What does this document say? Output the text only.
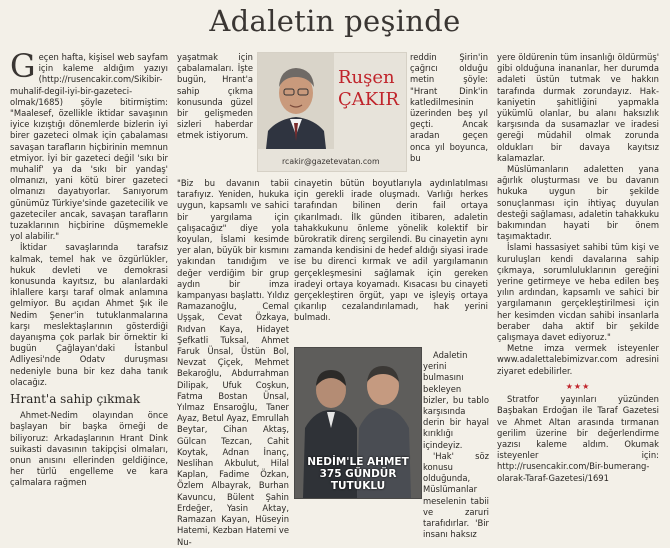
Adaletin peşinde

Geçen hafta, kişisel web sayfam için kaleme aldığım yazıyı (http://rusencakir.com/Sikibir-muhalif-degil-iyi-bir-gazeteci-olmak/1685) şöyle bitirmiştim: "Maalesef, özellikle iktidar savaşının iyice kızıştığı dönemlerde bizlerin iyi birer gazeteci olmak için çabalaması savaşan tarafların hiçbirinin memnun etmiyor. İyi bir gazeteci değil 'sıkı bir muhalif' ya da 'sıkı bir yandaş' olmanızı, yani kötü birer gazeteci olmanızı dayatıyorlar. Sanıyorum günümüz Türkiye'sinde gazetecilik ve gazeteciler ancak, savaşan tarafların tuzaklarının hiçbirine düşmemekle yol alabilir."

İktidar savaşlarında tarafsız kalmak, temel hak ve özgürlükler, hukuk devleti ve demokrasi konusunda kayıtsız, bu alanlardaki ihlallere karşı taraf olmak anlamına gelmiyor. Bu açıdan Ahmet Şık ile Nedim Şener'in tutuklanmalarına karşı meslektaşlarının gösterdiği dayanışma çok parlak bir örnektir ki bugün Çağlayan'daki İstanbul Adliyesi'nde Odatv duruşması nedeniyle buna bir kez daha tanık olacağız.

Hrant'a sahip çıkmak

Ahmet-Nedim olayından önce başlayan bir başka örneği de biliyoruz: Arkadaşlarının Hrant Dink suikasti davasının takipçisi olmaları, onun anısını ellerinden geldiğince, her türlü engelleme ve kara çalmalara rağmen

yaşatmak için çabalamaları. İşte bugün, Hrant'a sahip çıkma konusunda güzel bir gelişmeden sizleri haberdar etmek istiyorum.

Ruşen
ÇAKIR
rcakir@gazetevatan.com

reddin Şirin'in çağrıcı olduğu metin şöyle: "Hrant Dink'in katledilmesinin üzerinden beş yıl geçti. Ancak aradan geçen onca yıl boyunca, bu

"Biz bu davanın tabii tarafıyız. Yeniden, hukuka uygun, kapsamlı ve sahici bir yargılama için çalışacağız" diye yola koyulan, İslami kesimde yer alan, büyük bir kısmını yakından tanıdığım ve değer verdiğim bir grup aydın bir imza kampanyası başlattı. Yıldız Ramazanoğlu, Cemal Uşşak, Cevat Özkaya, Rıdvan Kaya, Hidayet Şefkatli Tuksal, Ahmet Faruk Ünsal, Üstün Bol, Nevzat Çiçek, Mehmet Bekaroğlu, Abdurrahman Dilipak, Ufuk Coşkun, Fatma Bostan Ünsal, Yılmaz Ensaroğlu, Taner Ayaz, Betul Ayaz, Emrullah Beytar, Cihan Aktaş, Gülcan Tezcan, Cahit Koytak, Adnan İnanç, Neslihan Akbulut, Hilal Kaplan, Fadime Özkan, Özlem Albayrak, Burhan Kavuncu, Bülent Şahin Erdeğer, Yasin Aktay, Ramazan Kayan, Hüseyin Hatemi, Kezban Hatemi ve Nu-

cinayetin bütün boyutlarıyla aydınlatılması için gerekli irade oluşmadı. Varlığı herkes tarafından bilinen derin fail ortaya çıkarılmadı. İlk günden itibaren, adaletin tahakkukunu önleme yönelik kolektif bir bürokratik direnç sergilendi. Bu cinayetin aynı zamanda kendisini de hedef aldığı siyasi irade ise bu direnci kırmak ve adil yargılamanın gerçekleşmesini sağlamak için gereken iradeyi ortaya koyamadı. Kısacası bu cinayeti gerçekleştiren örgüt, yapı ve işleyiş ortaya çıkarılıp cezalandırılamadı, hak yerini bulmadı.

NEDİM'LE AHMET 375 GÜNDÜR TUTUKLU

Adaletin yerini bulmasını bekleyen bizler, bu tablo karşısında derin bir hayal kırıklığı içindeyiz.

'Hak' söz konusu olduğunda, Müslümanlar meselenin tabii ve zaruri tarafıdırlar. 'Bir insanı haksız

yere öldürenin tüm insanlığı öldürmüş' gibi olduğuna inananlar, her durumda adaleti üstün tutmak ve hakkın tarafında durmak zorundayız. Hak-kaniyetin şahitliğini yapmakla yükümlü olanlar, bu alanı haksızlık karşısında da susamazlar ve iradesi gereği müdahil olmak zorunda oldukları bir davaya kayıtsız kalamazlar.

Müslümanların adaletten yana ağırlık oluşturması ve bu davanın hukuka uygun bir şekilde sonuçlanması için ihtiyaç duyulan desteği sağlaması, adaletin tahakkuku bakımından hayati bir önem taşımaktadır.

İslami hassasiyet sahibi tüm kişi ve kuruluşları kendi davalarına sahip çıkmaya, sorumluluklarının gereğini yerine getirmeye ve heba edilen beş yılın ardından, kapsamlı ve sahici bir yargılamanın gerçekleştirilmesi için her kesimden vicdan sahibi insanlarla beraber daha aktif bir şekilde çalışmaya davet ediyoruz."

Metne imza vermek isteyenler www.adalettalebimizvar.com adresini ziyaret edebilirler.

★★★

Stratfor yayınları yüzünden Başbakan Erdoğan ile Taraf Gazetesi ve Ahmet Altan arasında tırmanan gerilim üzerine bir değerlendirme yazısı kaleme aldım. Okumak isteyenler için: http://rusencakir.com/Bir-bumerang-olarak-Taraf-Gazetesi/1691
